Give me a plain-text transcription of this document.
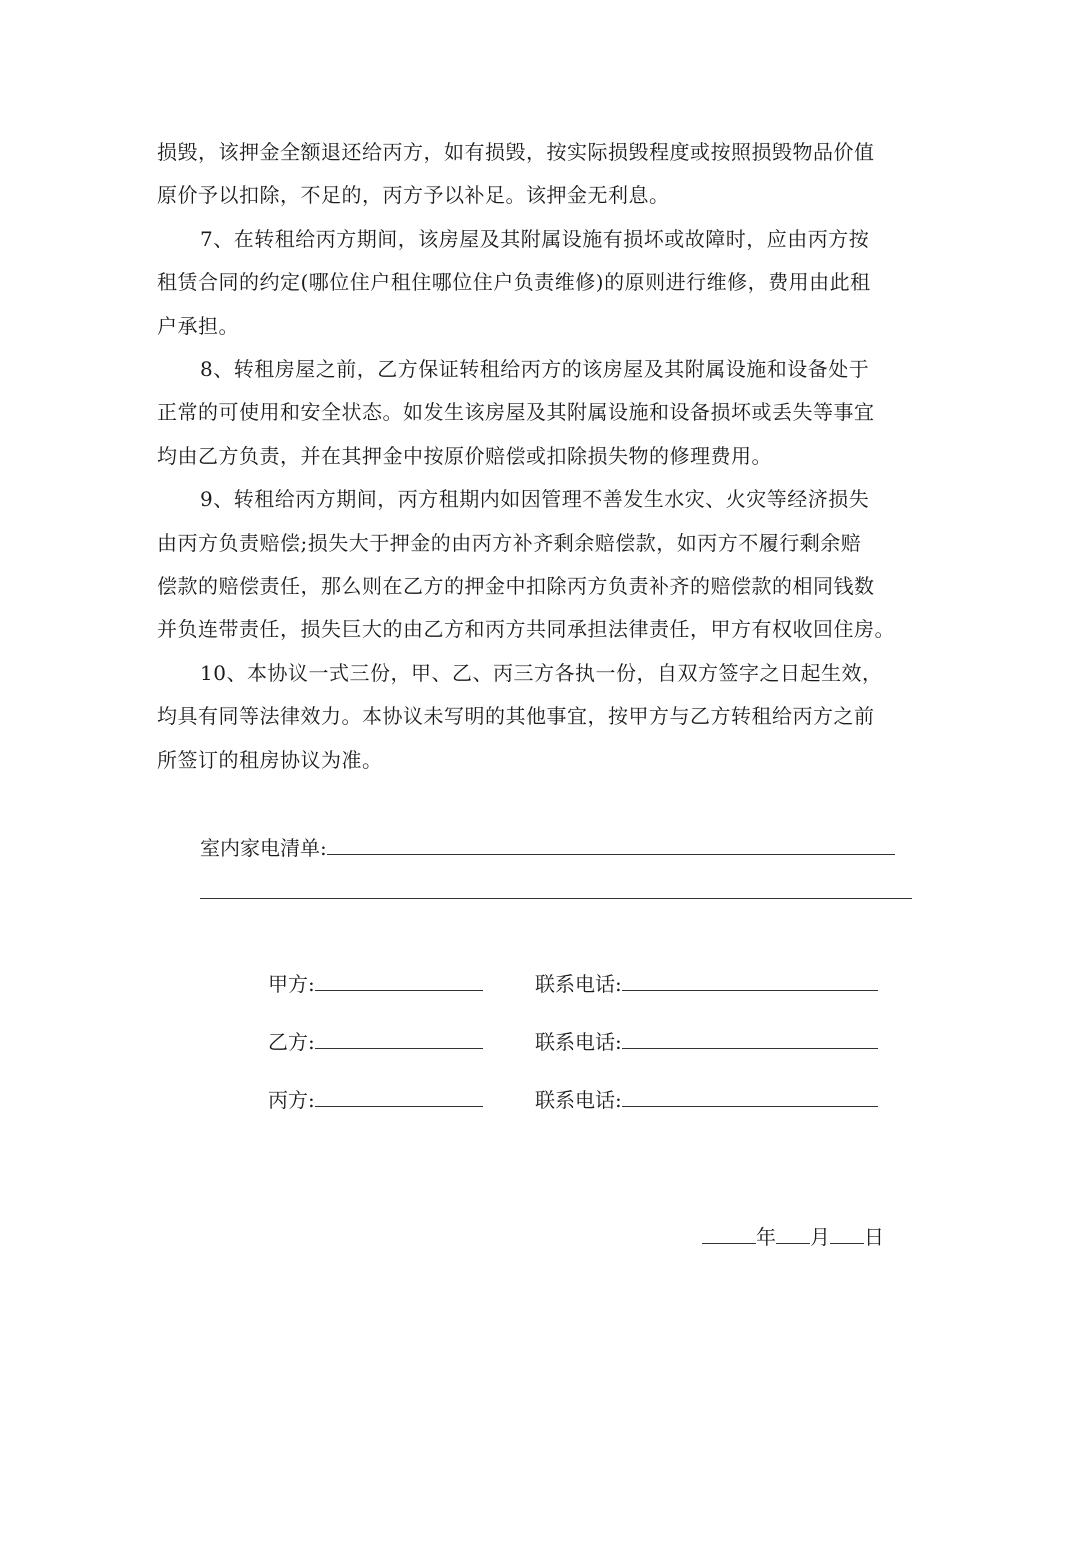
损毁，该押金全额退还给丙方，如有损毁，按实际损毁程度或按照损毁物品价值
原价予以扣除，不足的，丙方予以补足。该押金无利息。
7、在转租给丙方期间，该房屋及其附属设施有损坏或故障时，应由丙方按
租赁合同的约定(哪位住户租住哪位住户负责维修)的原则进行维修，费用由此租
户承担。
8、转租房屋之前，乙方保证转租给丙方的该房屋及其附属设施和设备处于
正常的可使用和安全状态。如发生该房屋及其附属设施和设备损坏或丢失等事宜
均由乙方负责，并在其押金中按原价赔偿或扣除损失物的修理费用。
9、转租给丙方期间，丙方租期内如因管理不善发生水灾、火灾等经济损失
由丙方负责赔偿;损失大于押金的由丙方补齐剩余赔偿款，如丙方不履行剩余赔
偿款的赔偿责任，那么则在乙方的押金中扣除丙方负责补齐的赔偿款的相同钱数
并负连带责任，损失巨大的由乙方和丙方共同承担法律责任，甲方有权收回住房。
10、本协议一式三份，甲、乙、丙三方各执一份，自双方签字之日起生效，
均具有同等法律效力。本协议未写明的其他事宜，按甲方与乙方转租给丙方之前
所签订的租房协议为准。
室内家电清单:
甲方:	联系电话:
乙方:	联系电话:
丙方:	联系电话:
年 月 日
